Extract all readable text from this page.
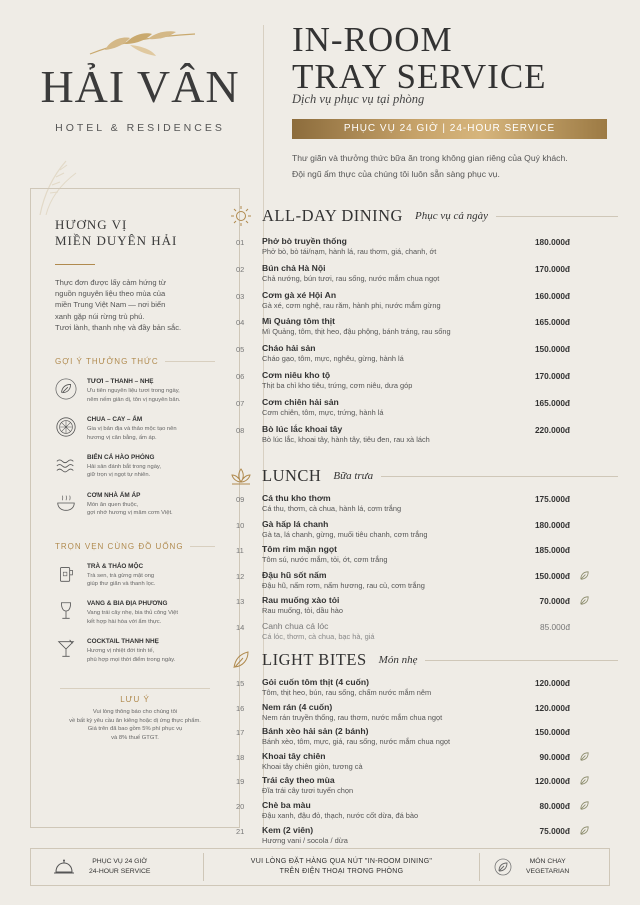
HẢI VÂN
HOTEL & RESIDENCES
HƯƠNG VỊ
MIỀN DUYÊN HẢI

Thực đơn được lấy cảm hứng từ
nguồn nguyên liệu theo mùa của
miền Trung Việt Nam — nơi biển
xanh gặp núi rừng trù phú.
Tươi lành, thanh nhẹ và đầy bản sắc.

GỢI Ý THƯỞNG THỨC
TƯƠI – THANH – NHẸ
Ưu tiên nguyên liệu tươi trong ngày,
nêm nếm giản dị, tôn vị nguyên bản.
CHUA – CAY – ẤM
Gia vị bản địa và thảo mộc tạo nên
hương vị cân bằng, ấm áp.
BIỂN CẢ HÀO PHÓNG
Hải sản đánh bắt trong ngày,
giữ trọn vị ngọt tự nhiên.
CƠM NHÀ ẤM ÁP
Món ăn quen thuộc,
gợi nhớ hương vị mâm cơm Việt.
TRỌN VẸN CÙNG ĐỒ UỐNG
TRÀ & THẢO MỘC
Trà sen, trà gừng mật ong
giúp thư giãn và thanh lọc.
VANG & BIA ĐỊA PHƯƠNG
Vang trái cây nhẹ, bia thủ công Việt
kết hợp hài hòa với ẩm thực.
COCKTAIL THANH NHẸ
Hương vị nhiệt đới tinh tế,
phù hợp mọi thời điểm trong ngày.
LƯU Ý
Vui lòng thông báo cho chúng tôi
về bất kỳ yêu cầu ăn kiêng hoặc dị ứng thực phẩm.
Giá trên đã bao gồm 5% phí phục vụ
và 8% thuế GTGT.
IN-ROOM
TRAY SERVICE
Dịch vụ phục vụ tại phòng
PHỤC VỤ 24 GIỜ | 24-HOUR SERVICE
Thư giãn và thưởng thức bữa ăn trong không gian riêng của Quý khách.
Đội ngũ ẩm thực của chúng tôi luôn sẵn sàng phục vụ.
ALL-DAY DINING Phục vụ cả ngày
LUNCH Bữa trưa
LIGHT BITES Món nhẹ
01 Phở bò truyền thống
Phở bò, bò tái/nạm, hành lá, rau thơm, giá, chanh, ớt
180.000đ
02 Bún chả Hà Nội
Chả nướng, bún tươi, rau sống, nước mắm chua ngọt
170.000đ
03 Cơm gà xé Hội An
Gà xé, cơm nghệ, rau răm, hành phi, nước mắm gừng
160.000đ
04 Mì Quảng tôm thịt
Mì Quảng, tôm, thịt heo, đậu phộng, bánh tráng, rau sống
165.000đ
05 Cháo hải sản
Cháo gạo, tôm, mực, nghêu, gừng, hành lá
150.000đ
06 Cơm niêu kho tộ
Thịt ba chỉ kho tiêu, trứng, cơm niêu, dưa góp
170.000đ
07 Cơm chiên hải sản
Cơm chiên, tôm, mực, trứng, hành lá
165.000đ
08 Bò lúc lắc khoai tây
Bò lúc lắc, khoai tây, hành tây, tiêu đen, rau xà lách
220.000đ
09 Cá thu kho thơm
Cá thu, thơm, cà chua, hành lá, cơm trắng
175.000đ
10 Gà hấp lá chanh
Gà ta, lá chanh, gừng, muối tiêu chanh, cơm trắng
180.000đ
11 Tôm rim mặn ngọt
Tôm sú, nước mắm, tỏi, ớt, cơm trắng
185.000đ
12 Đậu hũ sốt nấm
Đậu hũ, nấm rơm, nấm hương, rau củ, cơm trắng
150.000đ
13 Rau muống xào tỏi
Rau muống, tỏi, dầu hào
70.000đ
14 Canh chua cá lóc
Cá lóc, thơm, cà chua, bạc hà, giá
85.000đ
15 Gỏi cuốn tôm thịt (4 cuốn)
Tôm, thịt heo, bún, rau sống, chấm nước mắm nêm
120.000đ
16 Nem rán (4 cuốn)
Nem rán truyền thống, rau thơm, nước mắm chua ngọt
120.000đ
17 Bánh xèo hải sản (2 bánh)
Bánh xèo, tôm, mực, giá, rau sống, nước mắm chua ngọt
150.000đ
18 Khoai tây chiên
Khoai tây chiên giòn, tương cà
90.000đ
19 Trái cây theo mùa
Đĩa trái cây tươi tuyển chọn
120.000đ
20 Chè ba màu
Đậu xanh, đậu đỏ, thạch, nước cốt dừa, đá bào
80.000đ
21 Kem (2 viên)
Hương vani / socola / dừa
75.000đ
PHỤC VỤ 24 GIỜ
24-HOUR SERVICE
VUI LÒNG ĐẶT HÀNG QUA NÚT "IN-ROOM DINING"
TRÊN ĐIỆN THOẠI TRONG PHÒNG
MÓN CHAY
VEGETARIAN
